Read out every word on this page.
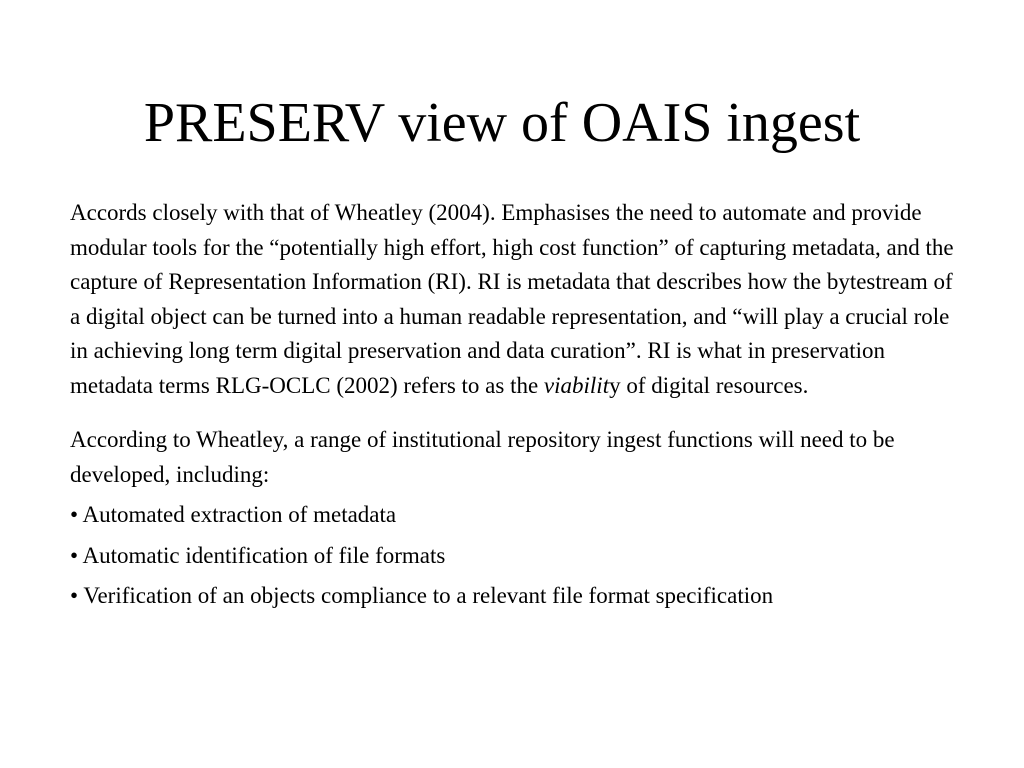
PRESERV view of OAIS ingest

Accords closely with that of Wheatley (2004). Emphasises the need to automate and provide modular tools for the “potentially high effort, high cost function” of capturing metadata, and the capture of Representation Information (RI). RI is metadata that describes how the bytestream of a digital object can be turned into a human readable representation, and “will play a crucial role in achieving long term digital preservation and data curation”. RI is what in preservation metadata terms RLG-OCLC (2002) refers to as the viability of digital resources.

According to Wheatley, a range of institutional repository ingest functions will need to be developed, including:

• Automated extraction of metadata
• Automatic identification of file formats
• Verification of an objects compliance to a relevant file format specification
